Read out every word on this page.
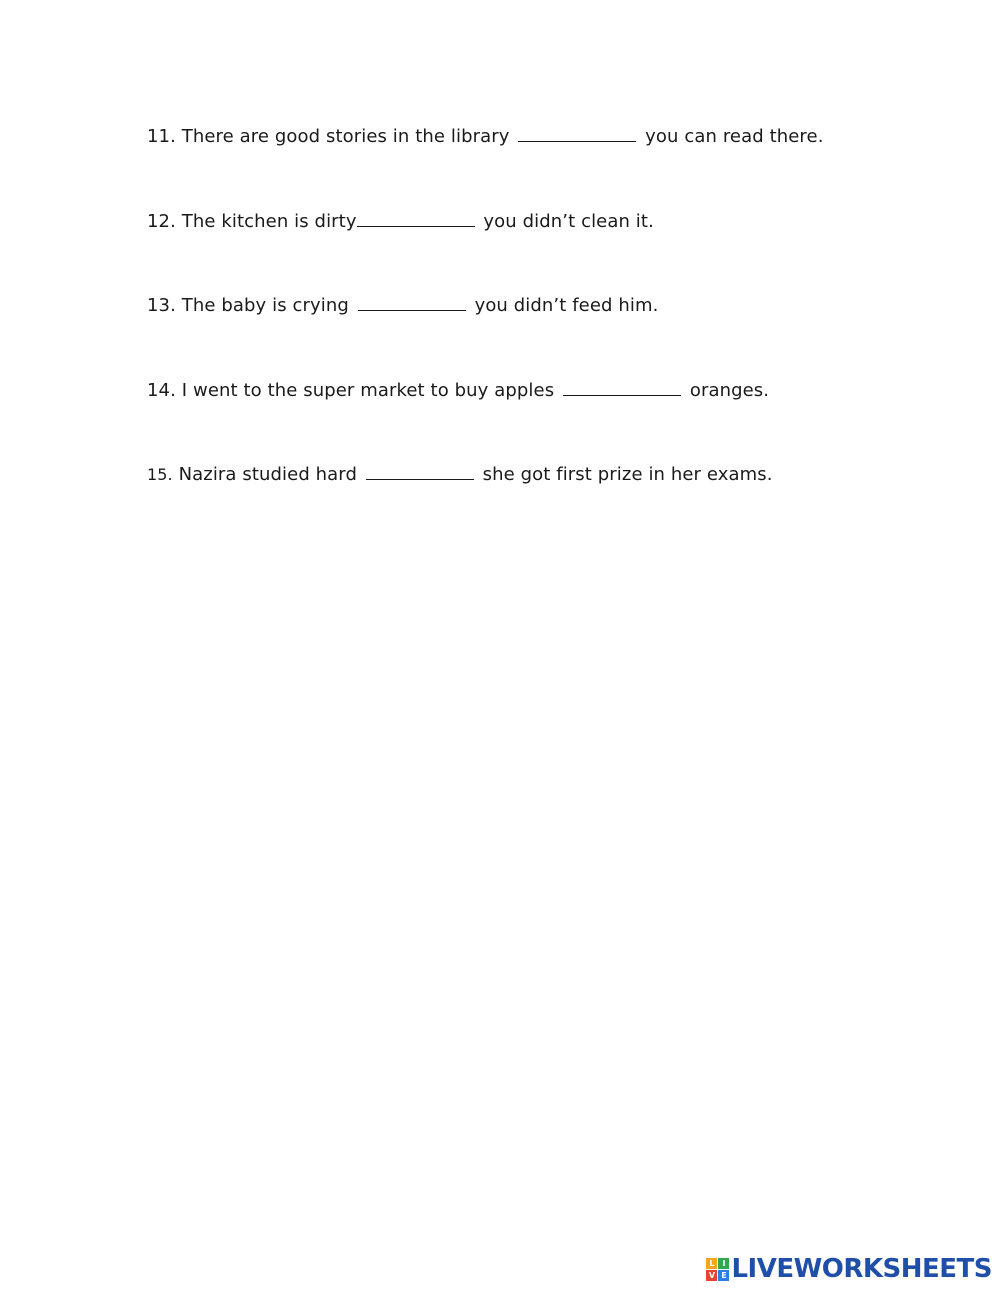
11. There are good stories in the library	you can read there.
12. The kitchen is dirty	you didn’t clean it.
13. The baby is crying	you didn’t feed him.
14. I went to the super market to buy apples	oranges.
15. Nazira studied hard	she got first prize in her exams.
L I
V E LIVEWORKSHEETS
